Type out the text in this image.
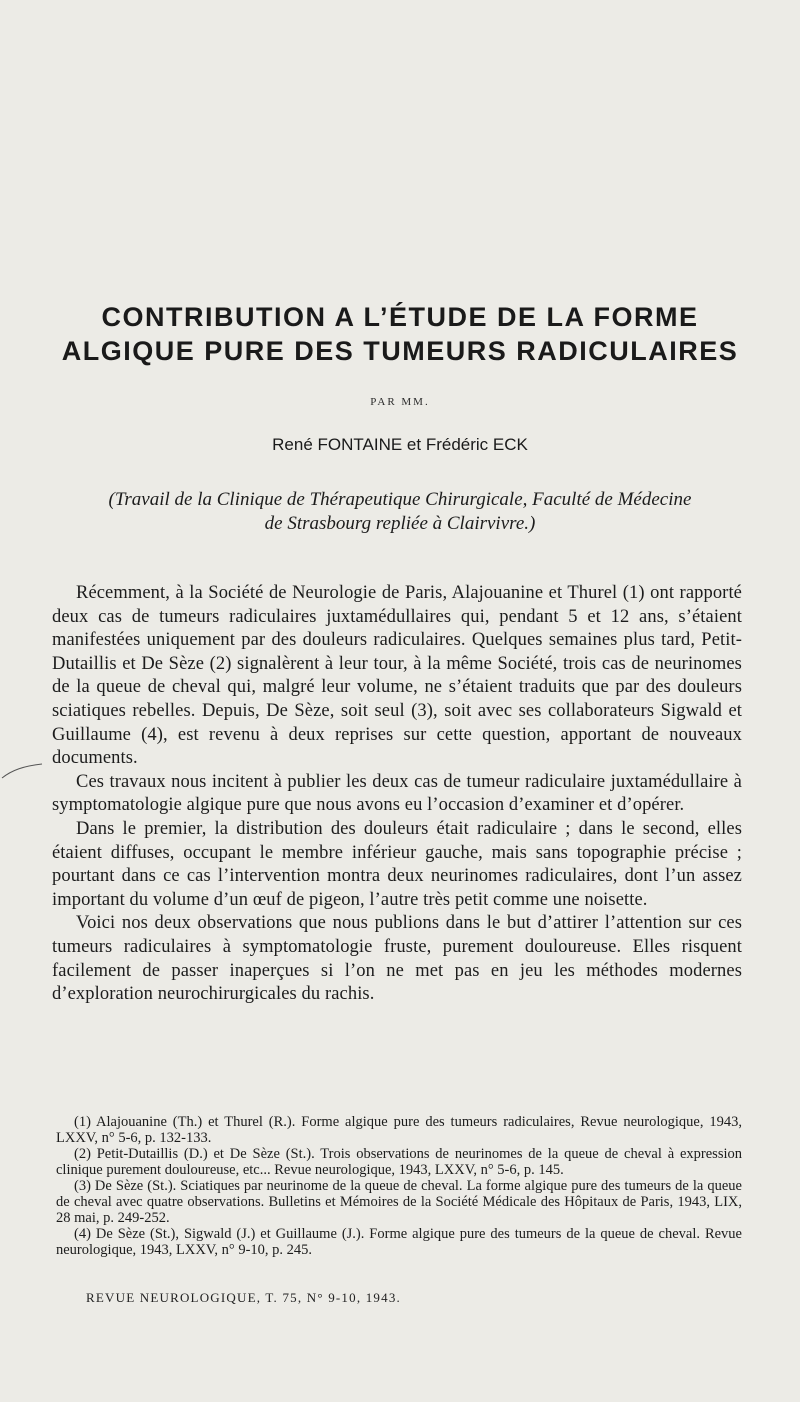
CONTRIBUTION A L’ÉTUDE DE LA FORME
ALGIQUE PURE DES TUMEURS RADICULAIRES
PAR MM.
René FONTAINE et Frédéric ECK
(Travail de la Clinique de Thérapeutique Chirurgicale, Faculté de Médecine
de Strasbourg repliée à Clairvivre.)

Récemment, à la Société de Neurologie de Paris, Alajouanine et Thurel (1) ont rapporté deux cas de tumeurs radiculaires juxtamédullaires qui, pendant 5 et 12 ans, s’étaient manifestées uniquement par des douleurs radiculaires. Quelques semaines plus tard, Petit-Dutaillis et De Sèze (2) signalèrent à leur tour, à la même Société, trois cas de neurinomes de la queue de cheval qui, malgré leur volume, ne s’étaient traduits que par des douleurs sciatiques rebelles. Depuis, De Sèze, soit seul (3), soit avec ses collaborateurs Sigwald et Guillaume (4), est revenu à deux reprises sur cette question, apportant de nouveaux documents.

Ces travaux nous incitent à publier les deux cas de tumeur radiculaire juxtamédullaire à symptomatologie algique pure que nous avons eu l’occasion d’examiner et d’opérer.

Dans le premier, la distribution des douleurs était radiculaire ; dans le second, elles étaient diffuses, occupant le membre inférieur gauche, mais sans topographie précise ; pourtant dans ce cas l’intervention montra deux neurinomes radiculaires, dont l’un assez important du volume d’un œuf de pigeon, l’autre très petit comme une noisette.

Voici nos deux observations que nous publions dans le but d’attirer l’attention sur ces tumeurs radiculaires à symptomatologie fruste, purement douloureuse. Elles risquent facilement de passer inaperçues si l’on ne met pas en jeu les méthodes modernes d’exploration neurochirurgicales du rachis.

(1) Alajouanine (Th.) et Thurel (R.). Forme algique pure des tumeurs radiculaires, Revue neurologique, 1943, LXXV, n° 5-6, p. 132-133.

(2) Petit-Dutaillis (D.) et De Sèze (St.). Trois observations de neurinomes de la queue de cheval à expression clinique purement douloureuse, etc... Revue neurologique, 1943, LXXV, n° 5-6, p. 145.

(3) De Sèze (St.). Sciatiques par neurinome de la queue de cheval. La forme algique pure des tumeurs de la queue de cheval avec quatre observations. Bulletins et Mémoires de la Société Médicale des Hôpitaux de Paris, 1943, LIX, 28 mai, p. 249-252.

(4) De Sèze (St.), Sigwald (J.) et Guillaume (J.). Forme algique pure des tumeurs de la queue de cheval. Revue neurologique, 1943, LXXV, n° 9-10, p. 245.

REVUE NEUROLOGIQUE, T. 75, N° 9-10, 1943.
